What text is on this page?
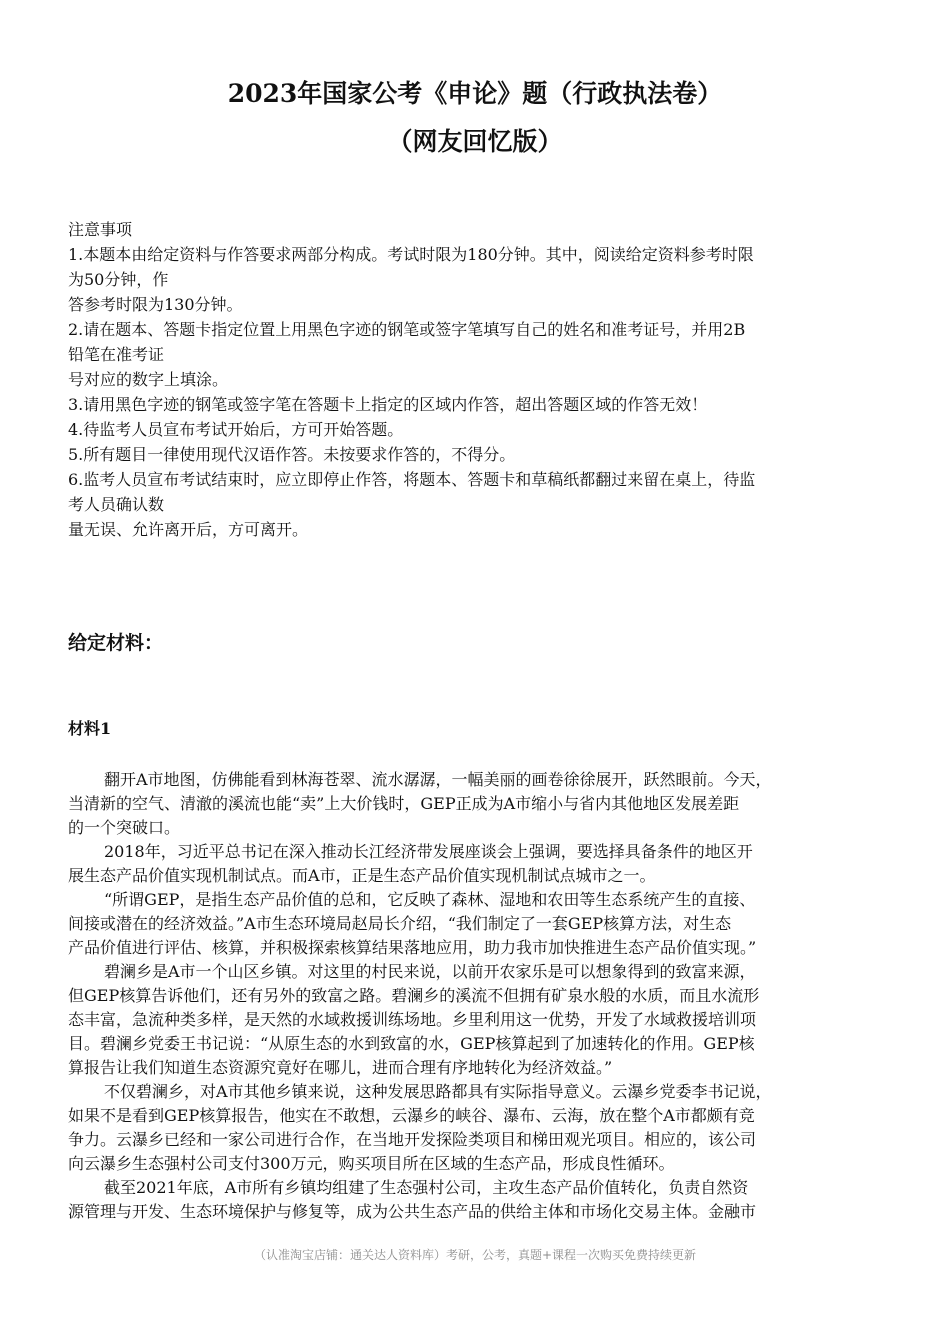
2023年国家公考《申论》题（行政执法卷）
（网友回忆版）

注意事项

1.本题本由给定资料与作答要求两部分构成。考试时限为180分钟。其中，阅读给定资料参考时限

为50分钟，作

答参考时限为130分钟。

2.请在题本、答题卡指定位置上用黑色字迹的钢笔或签字笔填写自己的姓名和准考证号，并用2B

铅笔在准考证

号对应的数字上填涂。

3.请用黑色字迹的钢笔或签字笔在答题卡上指定的区域内作答，超出答题区域的作答无效！

4.待监考人员宣布考试开始后，方可开始答题。

5.所有题目一律使用现代汉语作答。未按要求作答的，不得分。

6.监考人员宣布考试结束时，应立即停止作答，将题本、答题卡和草稿纸都翻过来留在桌上，待监

考人员确认数

量无误、允许离开后，方可离开。

给定材料：
材料1

翻开A市地图，仿佛能看到林海苍翠、流水潺潺，一幅美丽的画卷徐徐展开，跃然眼前。今天，

当清新的空气、清澈的溪流也能“卖”上大价钱时，GEP正成为A市缩小与省内其他地区发展差距

的一个突破口。

2018年，习近平总书记在深入推动长江经济带发展座谈会上强调，要选择具备条件的地区开

展生态产品价值实现机制试点。而A市，正是生态产品价值实现机制试点城市之一。

“所谓GEP，是指生态产品价值的总和，它反映了森林、湿地和农田等生态系统产生的直接、

间接或潜在的经济效益。”A市生态环境局赵局长介绍，“我们制定了一套GEP核算方法，对生态

产品价值进行评估、核算，并积极探索核算结果落地应用，助力我市加快推进生态产品价值实现。”

碧澜乡是A市一个山区乡镇。对这里的村民来说，以前开农家乐是可以想象得到的致富来源，

但GEP核算告诉他们，还有另外的致富之路。碧澜乡的溪流不但拥有矿泉水般的水质，而且水流形

态丰富，急流种类多样，是天然的水域救援训练场地。乡里利用这一优势，开发了水域救援培训项

目。碧澜乡党委王书记说：“从原生态的水到致富的水，GEP核算起到了加速转化的作用。GEP核

算报告让我们知道生态资源究竟好在哪儿，进而合理有序地转化为经济效益。”

不仅碧澜乡，对A市其他乡镇来说，这种发展思路都具有实际指导意义。云瀑乡党委李书记说，

如果不是看到GEP核算报告，他实在不敢想，云瀑乡的峡谷、瀑布、云海，放在整个A市都颇有竞

争力。云瀑乡已经和一家公司进行合作，在当地开发探险类项目和梯田观光项目。相应的，该公司

向云瀑乡生态强村公司支付300万元，购买项目所在区域的生态产品，形成良性循环。

截至2021年底，A市所有乡镇均组建了生态强村公司，主攻生态产品价值转化，负责自然资

源管理与开发、生态环境保护与修复等，成为公共生态产品的供给主体和市场化交易主体。金融市

（认准淘宝店铺：通关达人资料库）考研，公考，真题+课程一次购买免费持续更新
